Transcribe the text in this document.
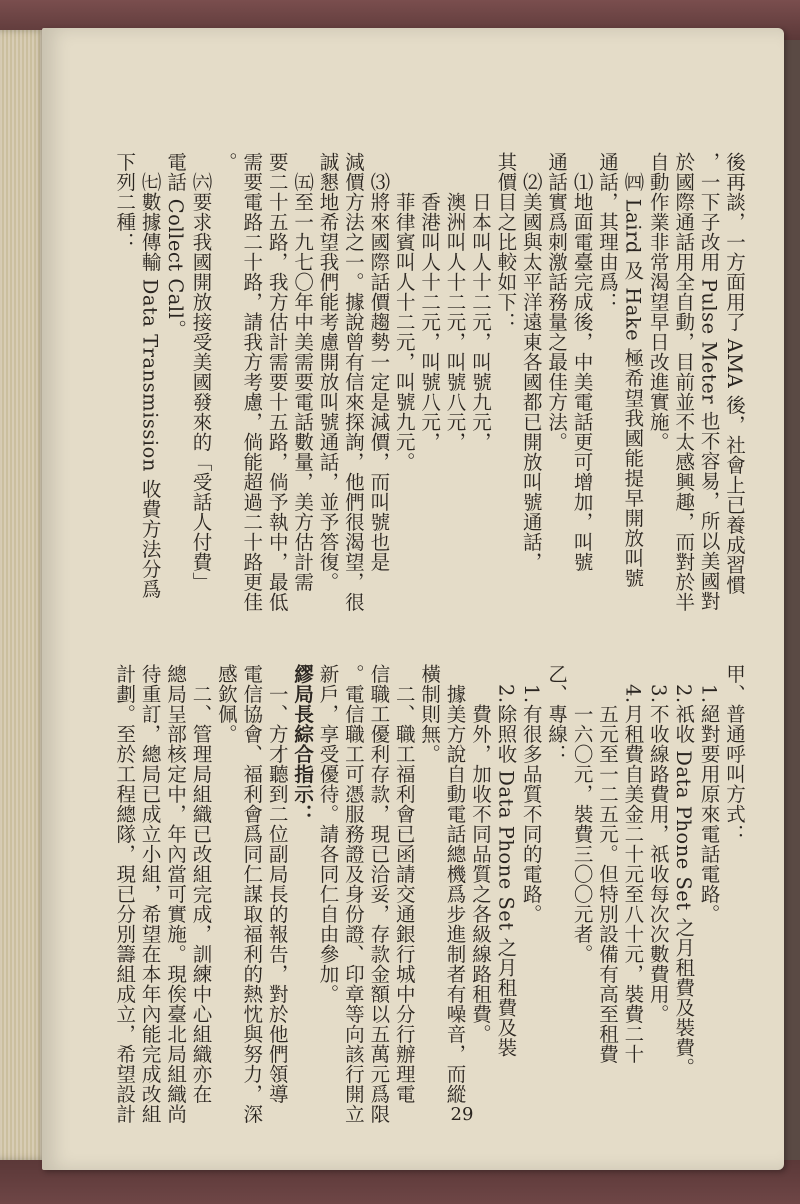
後再談，一方面用了 AMA 後，社會上已養成習慣
，一下子改用 Pulse Meter 也不容易，所以美國對
於國際通話用全自動，目前並不太感興趣，而對於半
自動作業非常渴望早日改進實施。
　㈣ Laird 及 Hake 極希望我國能提早開放叫號
通話，其理由爲：
　⑴地面電臺完成後，中美電話更可增加，叫號
通話實爲刺激話務量之最佳方法。
　⑵美國與太平洋遠東各國都已開放叫號通話，
其價目之比較如下：
　　日本叫人十二元，叫號九元，
　　澳洲叫人十二元，叫號八元，
　　香港叫人十二元，叫號八元，
　　菲律賓叫人十二元，叫號九元。
　⑶將來國際話價趨勢一定是減價，而叫號也是
減價方法之一。據說曾有信來探詢，他們很渴望，很
誠懇地希望我們能考慮開放叫號通話，並予答復。
　㈤至一九七〇年中美需要電話數量，美方估計需
要二十五路，我方估計需要十五路，倘予執中，最低
需要電路二十路，請我方考慮，倘能超過二十路更佳
。
　㈥要求我國開放接受美國發來的「受話人付費」
電話 Collect Call。
　㈦數據傳輸 Data Transmission 收費方法分爲
下列二種：
甲、普通呼叫方式：
　1.絕對要用原來電話電路。
　2.祇收 Data Phone Set 之月租費及裝費。
　3.不收線路費用，祇收每次次數費用。
　4.月租費自美金二十元至八十元，裝費二十
　　五元至一二五元。但特別設備有高至租費
　　一六〇元，裝費三〇〇元者。
乙、專線：
　1.有很多品質不同的電路。
　2.除照收 Data Phone Set 之月租費及裝
　　費外，加收不同品質之各級線路租費。
　據美方說自動電話總機爲步進制者有噪音，而縱
橫制則無。
　二、職工福利會已函請交通銀行城中分行辦理電
信職工優利存款，現已洽妥，存款金額以五萬元爲限
。電信職工可憑服務證及身份證、印章等向該行開立
新戶，享受優待。請各同仁自由參加。
繆局長綜合指示：
　一、方才聽到二位副局長的報告，對於他們領導
電信協會、福利會爲同仁謀取福利的熱忱與努力，深
感欽佩。
　二、管理局組織已改組完成，訓練中心組織亦在
總局呈部核定中，年內當可實施。現俟臺北局組織尚
待重訂，總局已成立小組，希望在本年內能完成改組
計劃。至於工程總隊，現已分別籌組成立，希望設計	29
